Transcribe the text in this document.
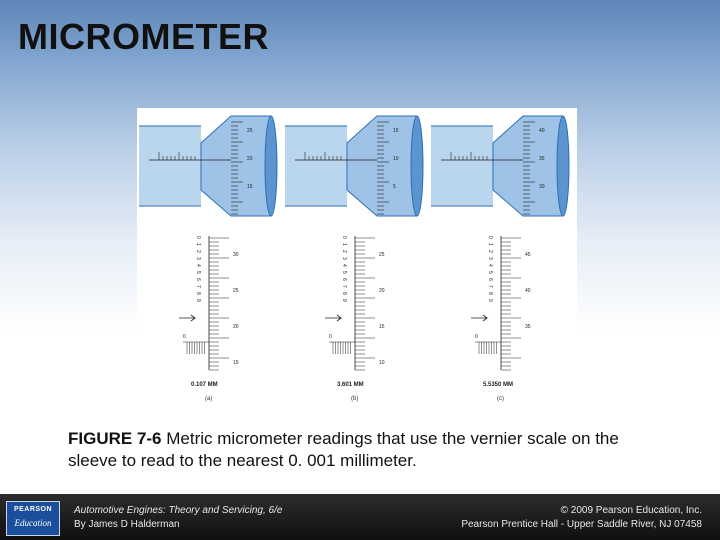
MICROMETER
25
20
15
30
25
20
15
0
1
2
3
4
5
6
7
8
9
0
0.107 MM
(a)
15
10
5
25
20
15
10
0
1
2
3
4
5
6
7
8
9
0
3.601 MM
(b)
40
35
30
45
40
35
0
1
2
3
4
5
6
7
8
9
0
5.5350 MM
(c)
FIGURE 7-6 Metric micrometer readings that use the vernier scale on the sleeve to read to the nearest 0. 001 millimeter.
PEARSON
Education
Automotive Engines: Theory and Servicing, 6/e
By James D Halderman
© 2009 Pearson Education, Inc.
Pearson Prentice Hall - Upper Saddle River, NJ 07458
